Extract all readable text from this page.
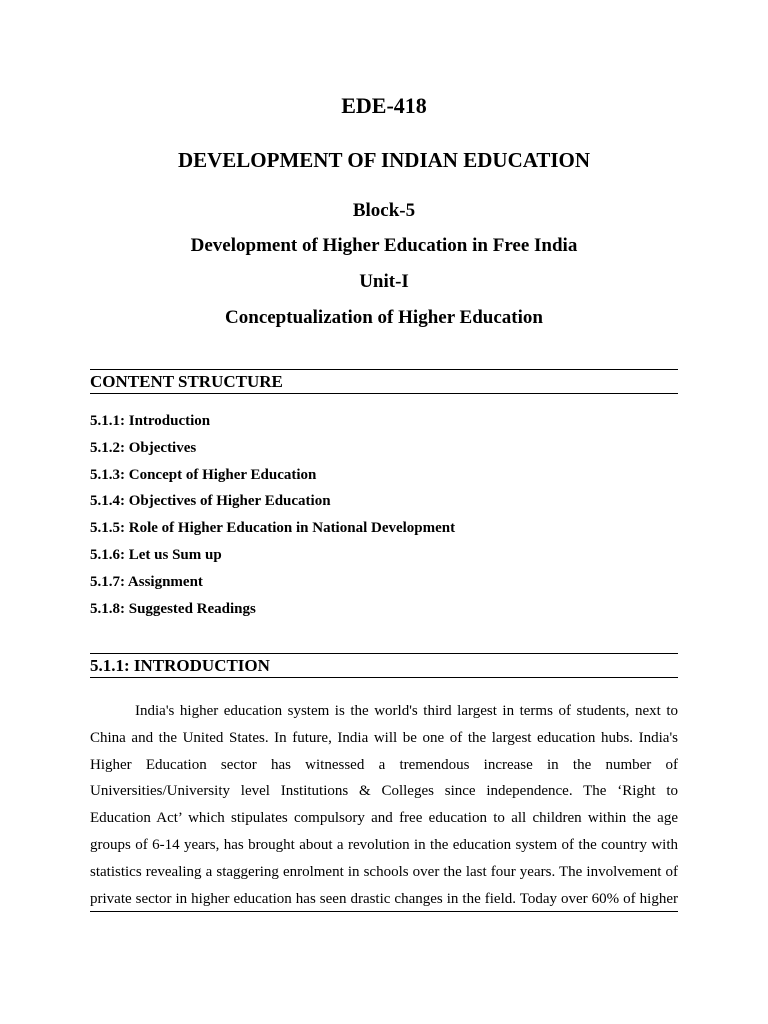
EDE-418
DEVELOPMENT OF INDIAN EDUCATION
Block-5
Development of Higher Education in Free India
Unit-I
Conceptualization of Higher Education
CONTENT STRUCTURE
5.1.1: Introduction
5.1.2: Objectives
5.1.3: Concept of Higher Education
5.1.4: Objectives of Higher Education
5.1.5: Role of Higher Education in National Development
5.1.6: Let us Sum up
5.1.7: Assignment
5.1.8: Suggested Readings
5.1.1: INTRODUCTION
India's higher education system is the world's third largest in terms of students, next to
China and the United States. In future, India will be one of the largest education hubs. India's
Higher Education sector has witnessed a tremendous increase in the number of
Universities/University level Institutions & Colleges since independence. The ‘Right to
Education Act’ which stipulates compulsory and free education to all children within the age
groups of 6-14 years, has brought about a revolution in the education system of the country with
statistics revealing a staggering enrolment in schools over the last four years. The involvement of
private sector in higher education has seen drastic changes in the field. Today over 60% of higher
